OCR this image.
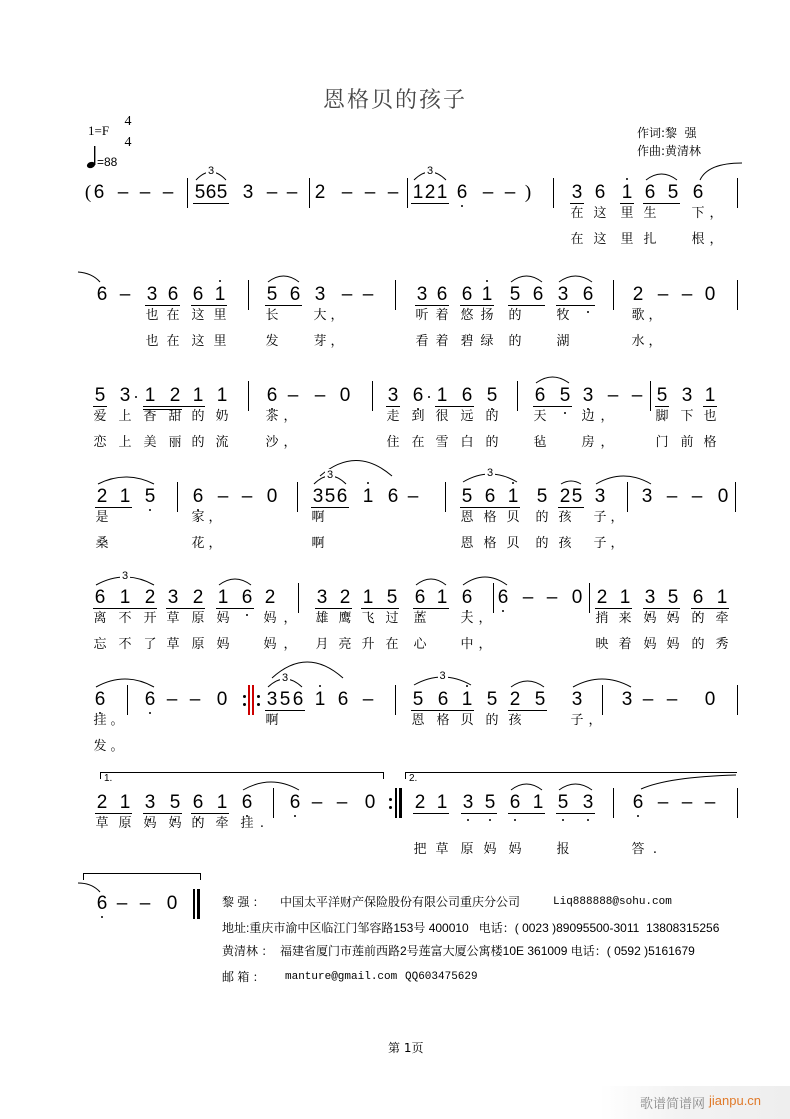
恩格贝的孩子
1=F
4
4
=88
作词:黎  强
作曲:黄清林
( 6 – – – 5 6 5 3 – – 2 – – – 1 2 1 6 – – ) 3 6 1 6 5 6
3	3
在 这 里 生	下 ，
在 这 里 扎	根 ，
6 – 3 6 6 1 5 6 3 – – 3 6 6 1 5 6 3 6 2 – – 0
也 在 这 里	长	大 ，	听 着 悠 扬 的	牧	歌 ，
也 在 这 里	发	芽 ，	看 着 碧 绿 的	湖	水 ，
5 3 1 2 1 1 6 – – 0 3 6 1 6 5 6 5 3 – – 5 3 1
爱 上 香 甜 的 奶	茶 ，	走 到 很 远 的	天	边 ，	脚 下 也
恋 上 美 丽 的 流	沙 ，	住 在 雪 白 的	毡	房 ，	门 前 格
2 1 5 6 – – 0 3 5 6 1 6 – 5 6 1 5 2 5 3 3 – – 0
3	3
是	家 ，	啊	恩 格 贝 的 孩 子 ，
桑	花 ，	啊	恩 格 贝 的 孩 子 ，
6 1 2 3 2 1 6 2 3 2 1 5 6 1 6 6 – – 0 2 1 3 5 6 1
3
离 不 开 草 原 妈	妈 ， 雄 鹰 飞 过 蓝	天 ，	捎 来 妈 妈 的 牵
忘 不 了 草 原 妈	妈 ， 月 亮 升 在 心	中 ，	映 着 妈 妈 的 秀
6 6 – – 0 3 5 6 1 6 – 5 6 1 5 2 5 3 3 – – 0
3	3
挂 。	啊	恩 格 贝 的 孩	子 ，
发 。
2 1 3 5 6 1 6 6 – – 0 2 1 3 5 6 1 5 3 6 – – –
1.	2.
草 原 妈 妈 的 牵 挂 .
把 草 原 妈 妈	报	答 .
6 – – 0	黎 强 ： 中国太平洋财产保险股份有限公司重庆分公司	Liq888888@sohu.com
地址:重庆市渝中区临江门邹容路153号 400010   电话：( 0023 )89095500-3011  13808315256
黄清林 ：  福建省厦门市莲前西路2号莲富大厦公寓楼10E 361009 电话：( 0592 )5161679
邮 箱 ： manture@gmail.com QQ603475629
第 1页
歌谱简谱网 jianpu.cn
